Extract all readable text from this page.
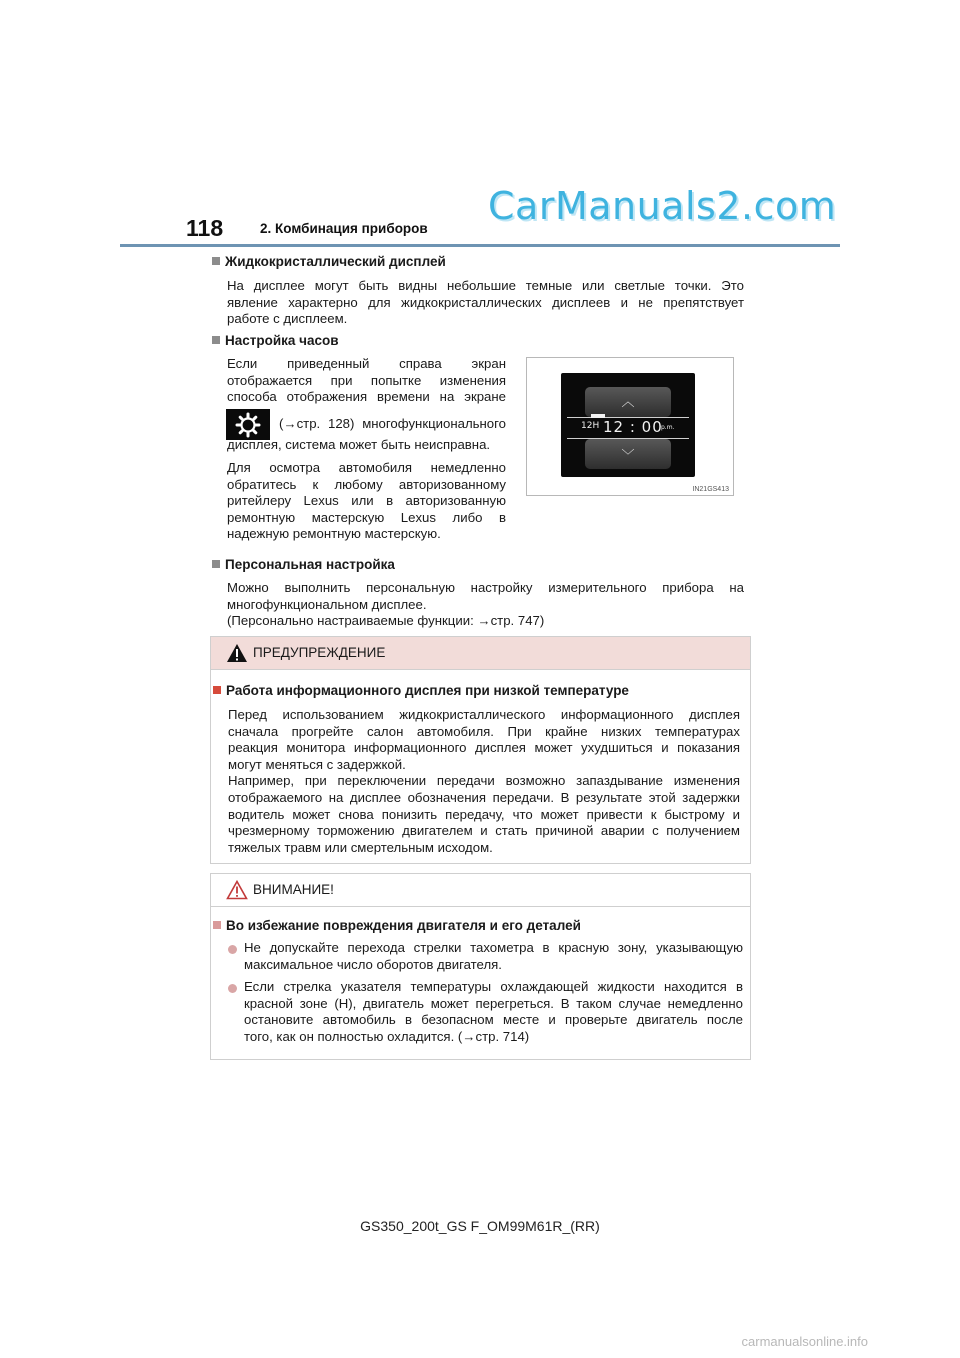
CarManuals2.com
118	2. Комбинация приборов
Жидкокристаллический дисплей
На дисплее могут быть видны небольшие темные или светлые точки. Это
явление характерно для жидкокристаллических дисплеев и не препятствует
работе с дисплеем.
Настройка часов
Если приведенный справа экран
отображается при попытке изменения
способа отображения времени на экране
(→стр. 128) многофункционального
дисплея, система может быть неисправна.
Для осмотра автомобиля немедленно
обратитесь к любому авторизованному
ритейлеру Lexus или в авторизованную
ремонтную мастерскую Lexus либо в
надежную ремонтную мастерскую.
︿
12H 12 : 00
p.m.
﹀
IN21GS413
Персональная настройка
Можно выполнить персональную настройку измерительного прибора на
многофункциональном дисплее.
(Персонально настраиваемые функции: →стр. 747)
ПРЕДУПРЕЖДЕНИЕ
Работа информационного дисплея при низкой температуре
Перед использованием жидкокристаллического информационного дисплея
сначала прогрейте салон автомобиля. При крайне низких температурах
реакция монитора информационного дисплея может ухудшиться и показания
могут меняться с задержкой.
Например, при переключении передачи возможно запаздывание изменения
отображаемого на дисплее обозначения передачи. В результате этой задержки
водитель может снова понизить передачу, что может привести к быстрому и
чрезмерному торможению двигателем и стать причиной аварии с получением
тяжелых травм или смертельным исходом.
ВНИМАНИЕ!
Во избежание повреждения двигателя и его деталей
Не допускайте перехода стрелки тахометра в красную зону, указывающую
максимальное число оборотов двигателя.
Если стрелка указателя температуры охлаждающей жидкости находится в
красной зоне (H), двигатель может перегреться. В таком случае немедленно
остановите автомобиль в безопасном месте и проверьте двигатель после
того, как он полностью охладится. (→стр. 714)
GS350_200t_GS F_OM99M61R_(RR)
carmanualsonline.info
